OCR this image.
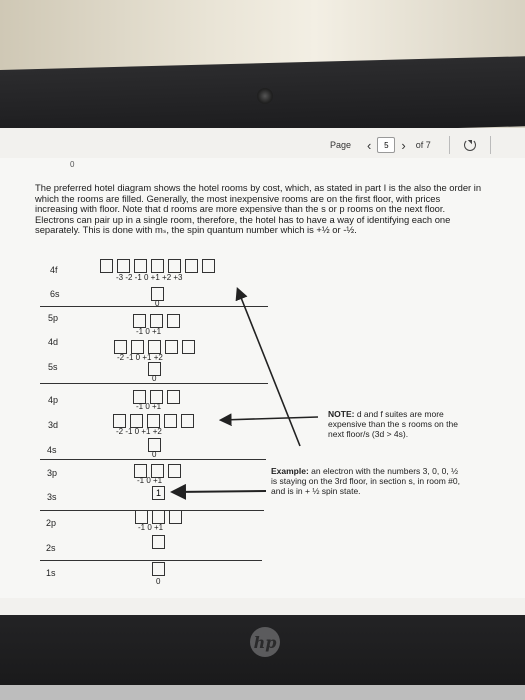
Page ‹
5 › of 7
0
The preferred hotel diagram shows the hotel rooms by cost, which, as stated in part I is the also the order in which the rooms are filled. Generally, the most inexpensive rooms are on the first floor, with prices increasing with floor. Note that d rooms are more expensive than the s or p rooms on the next floor. Electrons can pair up in a single room, therefore, the hotel has to have a way of identifying each one separately. This is done with mₛ, the spin quantum number which is +½ or -½.
4f
6s
5p
4d
5s
4p
3d
4s
3p
3s
2p
2s
1s
-3 -2 -1 0 +1 +2 +3
0
-1 0 +1
-2 -1 0 +1 +2
0
-1 0 +1
-2 -1 0 +1 +2
0
-1 0 +1
1
-1 0 +1
0
NOTE: d and f suites are more expensive than the s rooms on the next floor/s (3d > 4s).
Example: an electron with the numbers 3, 0, 0, ½ is staying on the 3rd floor, in section s, in room #0, and is in + ½ spin state.
hp
